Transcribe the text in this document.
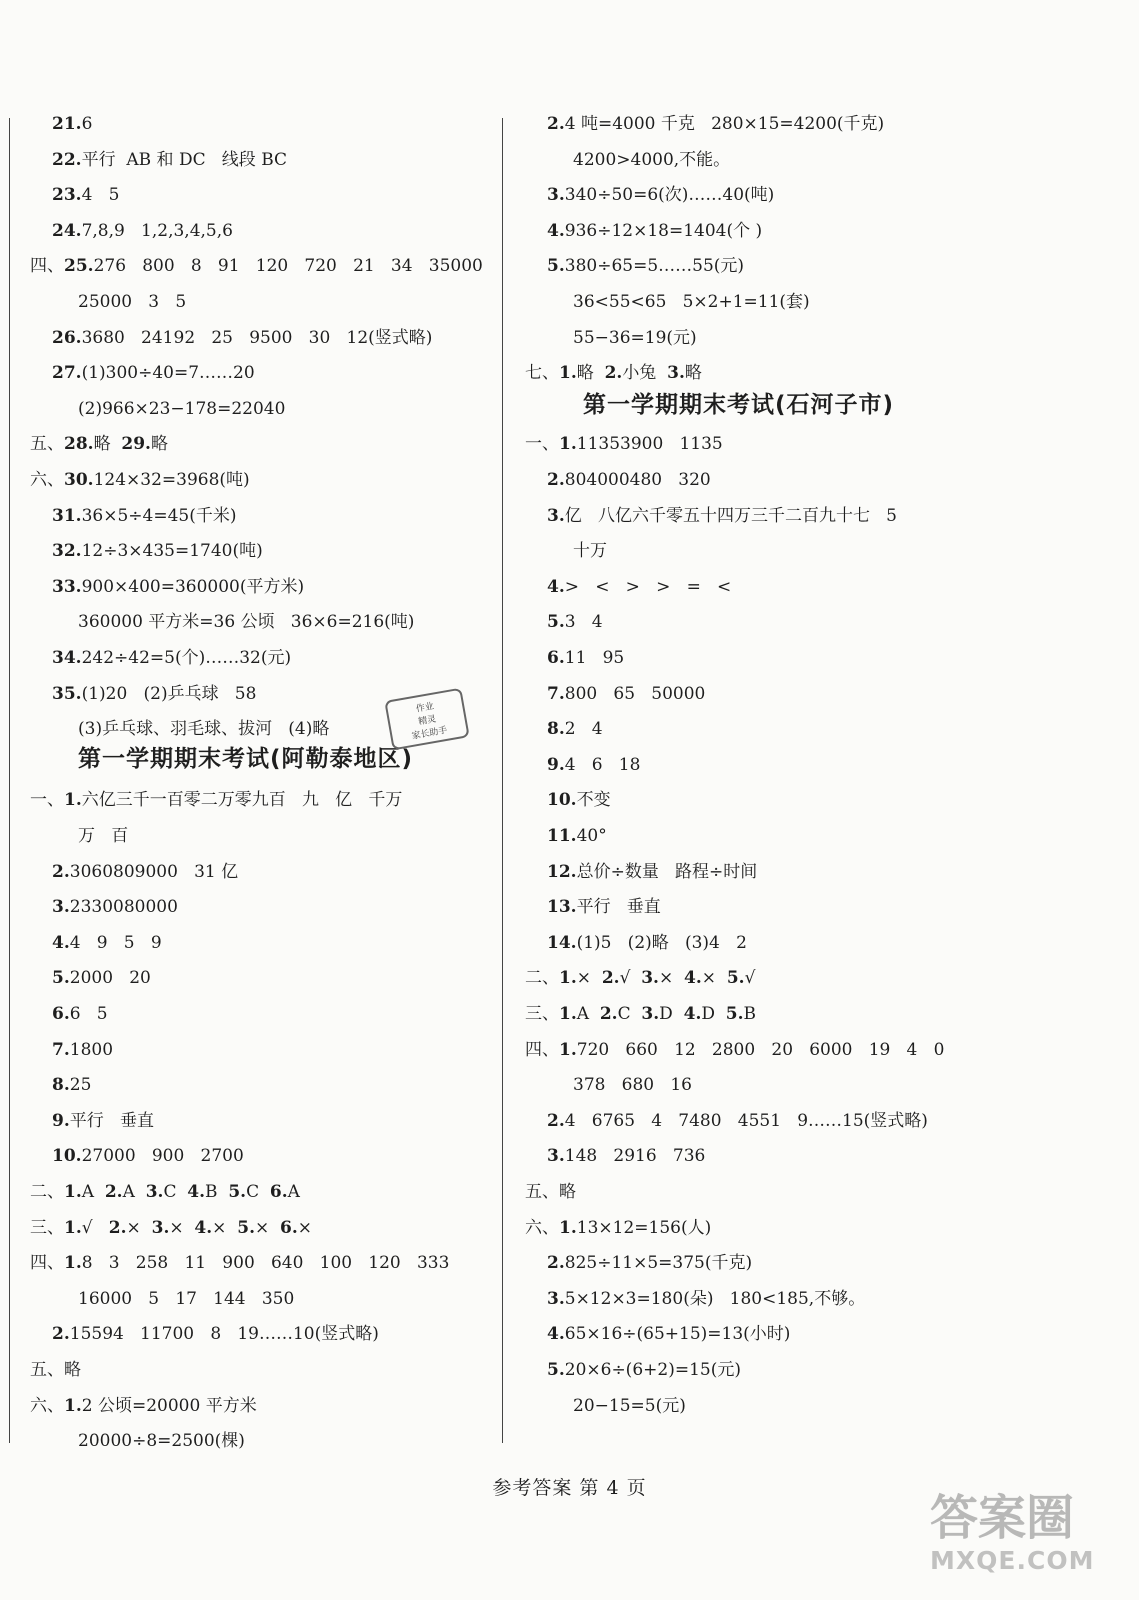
21.6
22.平行  AB 和 DC   线段 BC
23.4   5
24.7,8,9   1,2,3,4,5,6
四、25.276   800   8   91   120   720   21   34   35000
25000   3   5
26.3680   24192   25   9500   30   12(竖式略)
27.(1)300÷40=7……20
(2)966×23−178=22040
五、28.略  29.略
六、30.124×32=3968(吨)
31.36×5÷4=45(千米)
32.12÷3×435=1740(吨)
33.900×400=360000(平方米)
360000 平方米=36 公顷   36×6=216(吨)
34.242÷42=5(个)……32(元)
35.(1)20   (2)乒乓球   58
(3)乒乓球、羽毛球、拔河   (4)略
第一学期期末考试(阿勒泰地区)
一、1.六亿三千一百零二万零九百   九   亿   千万
万   百
2.3060809000   31 亿
3.2330080000
4.4   9   5   9
5.2000   20
6.6   5
7.1800
8.25
9.平行   垂直
10.27000   900   2700
二、1.A  2.A  3.C  4.B  5.C  6.A
三、1.√   2.×  3.×  4.×  5.×  6.×
四、1.8   3   258   11   900   640   100   120   333
16000   5   17   144   350
2.15594   11700   8   19……10(竖式略)
五、略
六、1.2 公顷=20000 平方米
20000÷8=2500(棵)
2.4 吨=4000 千克   280×15=4200(千克)
4200>4000,不能。
3.340÷50=6(次)……40(吨)
4.936÷12×18=1404(个 )
5.380÷65=5……55(元)
36<55<65   5×2+1=11(套)
55−36=19(元)
七、1.略  2.小兔  3.略
第一学期期末考试(石河子市)
一、1.11353900   1135
2.804000480   320
3.亿   八亿六千零五十四万三千二百九十七   5
十万
4.>   <   >   >   =   <
5.3   4
6.11   95
7.800   65   50000
8.2   4
9.4   6   18
10.不变
11.40°
12.总价÷数量   路程÷时间
13.平行   垂直
14.(1)5   (2)略   (3)4   2
二、1.×  2.√  3.×  4.×  5.√
三、1.A  2.C  3.D  4.D  5.B
四、1.720   660   12   2800   20   6000   19   4   0
378   680   16
2.4   6765   4   7480   4551   9……15(竖式略)
3.148   2916   736
五、略
六、1.13×12=156(人)
2.825÷11×5=375(千克)
3.5×12×3=180(朵)   180<185,不够。
4.65×16÷(65+15)=13(小时)
5.20×6÷(6+2)=15(元)
20−15=5(元)
作业
精灵
家长助手
参考答案 第 4 页
答案圈
MXQE.COM
